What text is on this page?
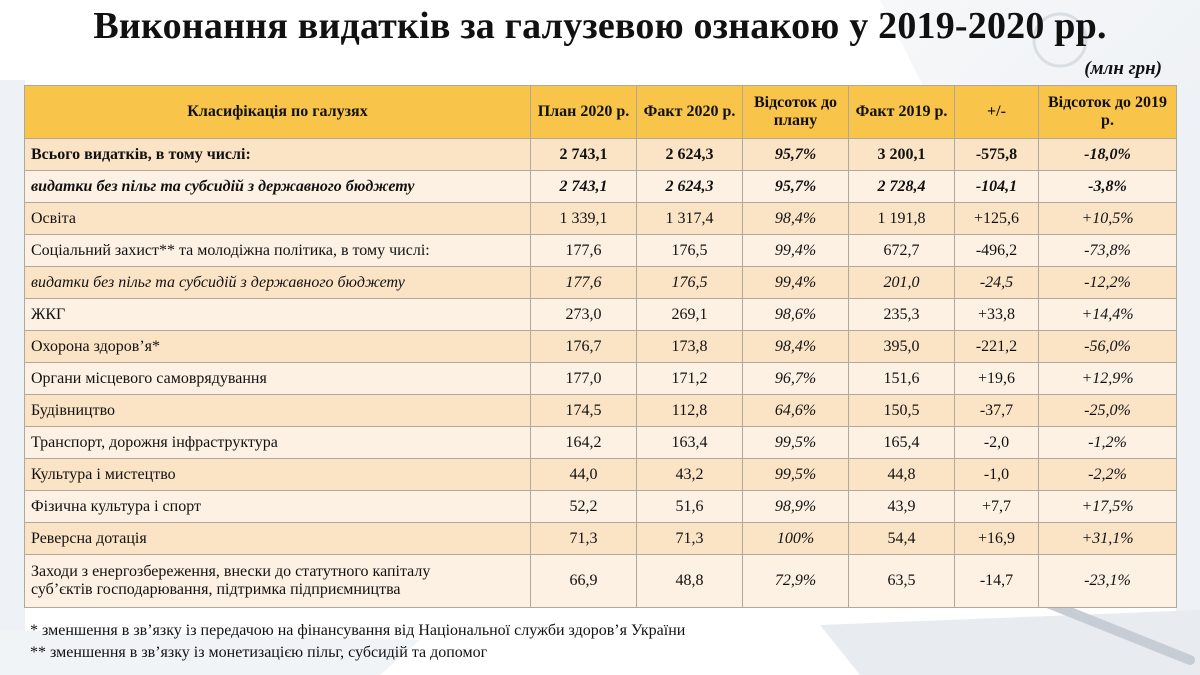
Виконання видатків за галузевою ознакою у 2019-2020 рр.
(млн грн)
Класифікація по галузях	План 2020 р.	Факт 2020 р.	Відсоток до плану	Факт 2019 р.	+/-	Відсоток до 2019 р.
Всього видатків, в тому числі:	2 743,1	2 624,3	95,7%	3 200,1	-575,8	-18,0%
видатки без пільг та субсидій з державного бюджету	2 743,1	2 624,3	95,7%	2 728,4	-104,1	-3,8%
Освіта	1 339,1	1 317,4	98,4%	1 191,8	+125,6	+10,5%
Соціальний захист** та молодіжна політика, в тому числі:	177,6	176,5	99,4%	672,7	-496,2	-73,8%
видатки без пільг та субсидій з державного бюджету	177,6	176,5	99,4%	201,0	-24,5	-12,2%
ЖКГ	273,0	269,1	98,6%	235,3	+33,8	+14,4%
Охорона здоров’я*	176,7	173,8	98,4%	395,0	-221,2	-56,0%
Органи місцевого самоврядування	177,0	171,2	96,7%	151,6	+19,6	+12,9%
Будівництво	174,5	112,8	64,6%	150,5	-37,7	-25,0%
Транспорт, дорожня інфраструктура	164,2	163,4	99,5%	165,4	-2,0	-1,2%
Культура і мистецтво	44,0	43,2	99,5%	44,8	-1,0	-2,2%
Фізична культура і спорт	52,2	51,6	98,9%	43,9	+7,7	+17,5%
Реверсна дотація	71,3	71,3	100%	54,4	+16,9	+31,1%

Заходи з енергозбереження, внески до статутного капіталу
суб’єктів господарювання, підтримка підприємництва	66,9	48,8	72,9%	63,5	-14,7	-23,1%
* зменшення в зв’язку із передачою на фінансування від Національної служби здоров’я України
** зменшення в зв’язку із монетизацією пільг, субсидій та допомог
